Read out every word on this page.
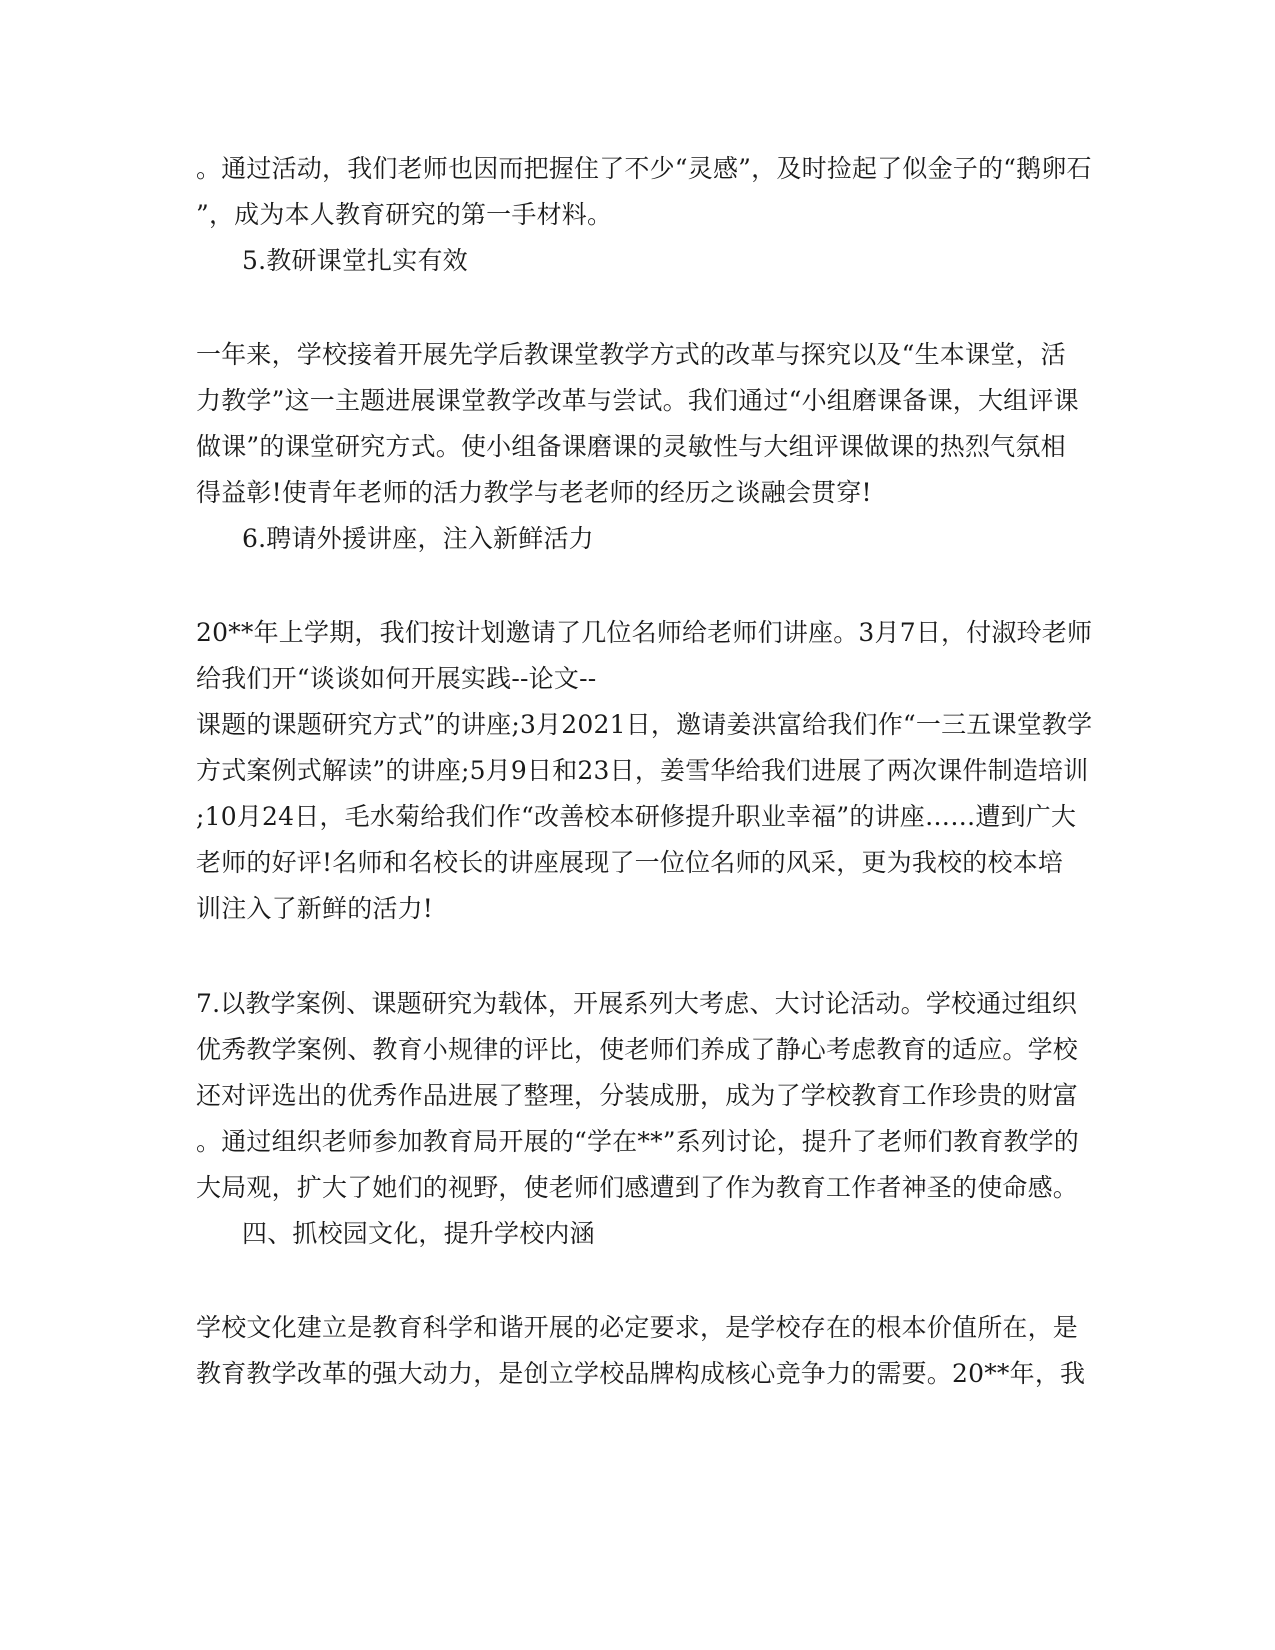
。通过活动，我们老师也因而把握住了不少“灵感”，及时捡起了似金子的“鹅卵石
”，成为本人教育研究的第一手材料。
5.教研课堂扎实有效
一年来，学校接着开展先学后教课堂教学方式的改革与探究以及“生本课堂，活
力教学”这一主题进展课堂教学改革与尝试。我们通过“小组磨课备课，大组评课
做课”的课堂研究方式。使小组备课磨课的灵敏性与大组评课做课的热烈气氛相
得益彰!使青年老师的活力教学与老老师的经历之谈融会贯穿!
6.聘请外援讲座，注入新鲜活力
20**年上学期，我们按计划邀请了几位名师给老师们讲座。3月7日，付淑玲老师
给我们开“谈谈如何开展实践--论文--
课题的课题研究方式”的讲座;3月2021日，邀请姜洪富给我们作“一三五课堂教学
方式案例式解读”的讲座;5月9日和23日，姜雪华给我们进展了两次课件制造培训
;10月24日，毛水菊给我们作“改善校本研修提升职业幸福”的讲座……遭到广大
老师的好评!名师和名校长的讲座展现了一位位名师的风采，更为我校的校本培
训注入了新鲜的活力!
7.以教学案例、课题研究为载体，开展系列大考虑、大讨论活动。学校通过组织
优秀教学案例、教育小规律的评比，使老师们养成了静心考虑教育的适应。学校
还对评选出的优秀作品进展了整理，分装成册，成为了学校教育工作珍贵的财富
。通过组织老师参加教育局开展的“学在**”系列讨论，提升了老师们教育教学的
大局观，扩大了她们的视野，使老师们感遭到了作为教育工作者神圣的使命感。
四、抓校园文化，提升学校内涵
学校文化建立是教育科学和谐开展的必定要求，是学校存在的根本价值所在，是
教育教学改革的强大动力，是创立学校品牌构成核心竞争力的需要。20**年，我
